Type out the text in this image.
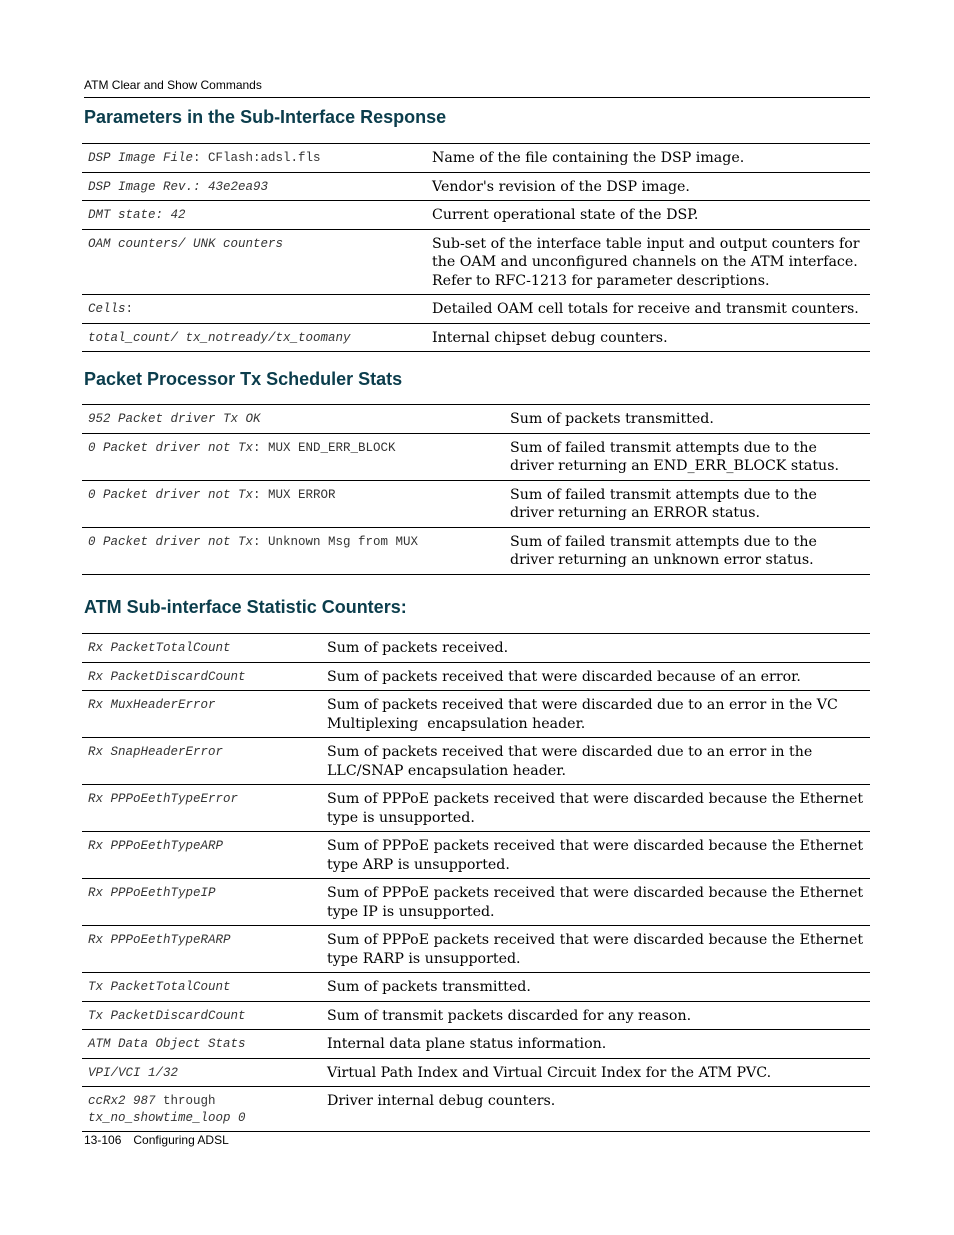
ATM Clear and Show Commands
Parameters in the Sub-Interface Response
DSP Image File: CFlash:adsl.fls	Name of the file containing the DSP image.
DSP Image Rev.: 43e2ea93	Vendor's revision of the DSP image.
DMT state: 42	Current operational state of the DSP.
OAM counters/ UNK counters	Sub-set of the interface table input and output counters for the OAM and unconfigured channels on the ATM interface. Refer to RFC-1213 for parameter descriptions.
Cells:	Detailed OAM cell totals for receive and transmit counters.
total_count/ tx_notready/tx_toomany	Internal chipset debug counters.
Packet Processor Tx Scheduler Stats
952 Packet driver Tx OK	Sum of packets transmitted.
0 Packet driver not Tx: MUX END_ERR_BLOCK	Sum of failed transmit attempts due to the driver returning an END_ERR_BLOCK status.
0 Packet driver not Tx: MUX ERROR	Sum of failed transmit attempts due to the driver returning an ERROR status.
0 Packet driver not Tx: Unknown Msg from MUX	Sum of failed transmit attempts due to the driver returning an unknown error status.
ATM Sub-interface Statistic Counters:
Rx PacketTotalCount	Sum of packets received.
Rx PacketDiscardCount	Sum of packets received that were discarded because of an error.
Rx MuxHeaderError	Sum of packets received that were discarded due to an error in the VC Multiplexing  encapsulation header.
Rx SnapHeaderError	Sum of packets received that were discarded due to an error in the LLC/SNAP encapsulation header.
Rx PPPoEethTypeError	Sum of PPPoE packets received that were discarded because the Ethernet type is unsupported.
Rx PPPoEethTypeARP	Sum of PPPoE packets received that were discarded because the Ethernet type ARP is unsupported.
Rx PPPoEethTypeIP	Sum of PPPoE packets received that were discarded because the Ethernet type IP is unsupported.
Rx PPPoEethTypeRARP	Sum of PPPoE packets received that were discarded because the Ethernet type RARP is unsupported.
Tx PacketTotalCount	Sum of packets transmitted.
Tx PacketDiscardCount	Sum of transmit packets discarded for any reason.
ATM Data Object Stats	Internal data plane status information.
VPI/VCI 1/32	Virtual Path Index and Virtual Circuit Index for the ATM PVC.
ccRx2 987 through
tx_no_showtime_loop 0	Driver internal debug counters.
13-106 Configuring ADSL
